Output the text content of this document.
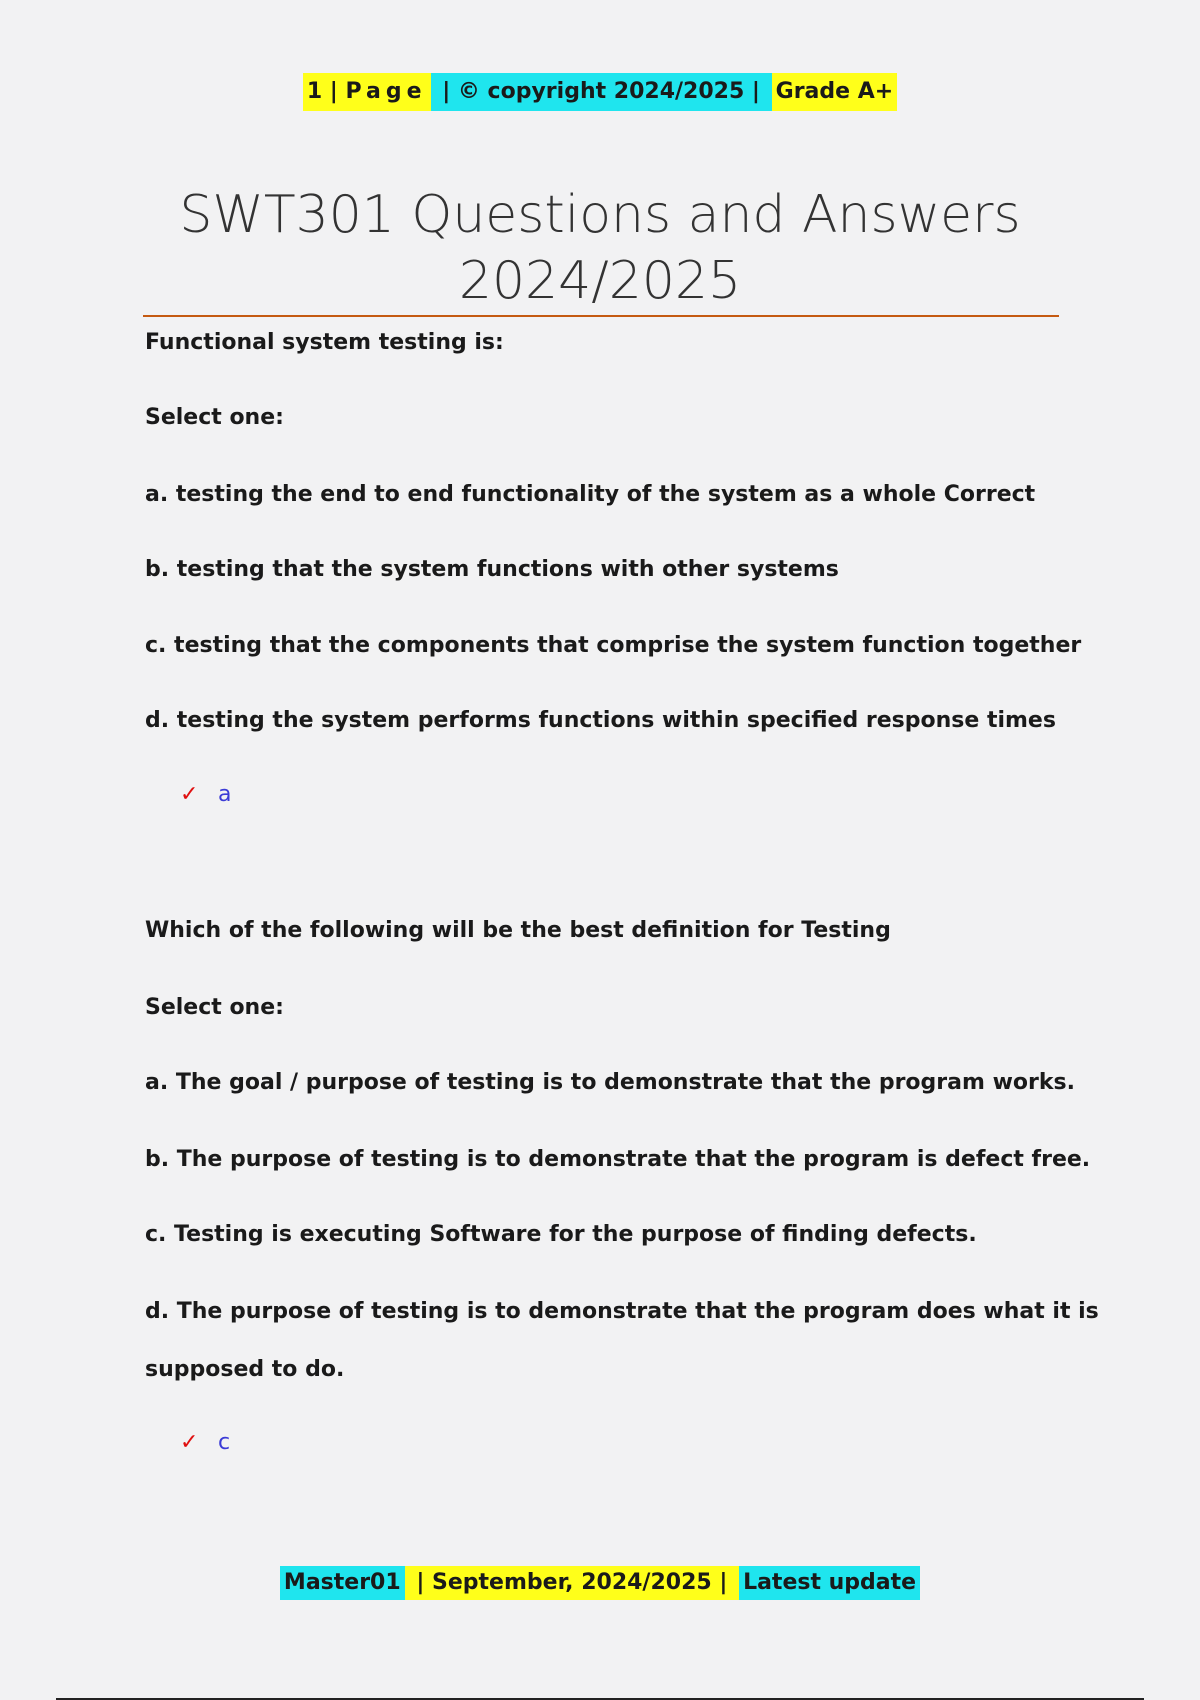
1 | Page | © copyright 2024/2025 | Grade A+
SWT301 Questions and Answers
2024/2025
Functional system testing is:
Select one:
a. testing the end to end functionality of the system as a whole Correct
b. testing that the system functions with other systems
c. testing that the components that comprise the system function together
d. testing the system performs functions within specified response times
✓ a
Which of the following will be the best definition for Testing
Select one:
a. The goal / purpose of testing is to demonstrate that the program works.
b. The purpose of testing is to demonstrate that the program is defect free.
c. Testing is executing Software for the purpose of finding defects.
d. The purpose of testing is to demonstrate that the program does what it is
supposed to do.
✓ c
Master01 | September, 2024/2025 | Latest update
